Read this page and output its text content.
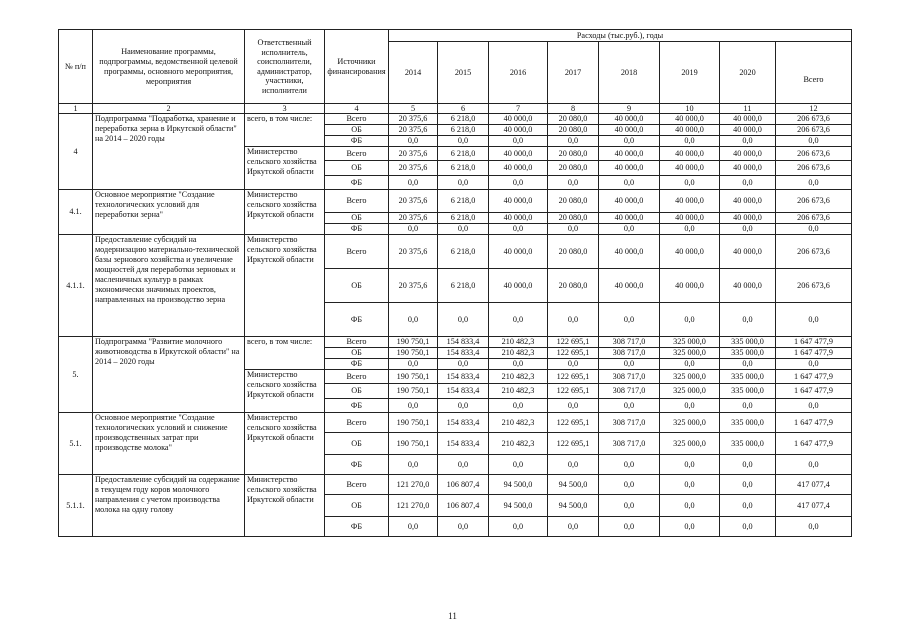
№ п/п	Наименование программы, подпрограммы, ведомственной целевой программы, основного мероприятия, мероприятия	Ответственный исполнитель, соисполнители, администратор, участники, исполнители	Источники финансирования	Расходы (тыс.руб.), годы							
				2014	2015	2016	2017	2018	2019	2020	Всего
1	2	3	4	5	6	7	8	9	10	11	12
4	Подпрограмма "Подработка, хранение и переработка зерна в Иркутской области" на 2014 – 2020 годы	всего, в том числе:	Всего	20 375,6	6 218,0	40 000,0	20 080,0	40 000,0	40 000,0	40 000,0	206 673,6
			ОБ	20 375,6	6 218,0	40 000,0	20 080,0	40 000,0	40 000,0	40 000,0	206 673,6
			ФБ	0,0	0,0	0,0	0,0	0,0	0,0	0,0	0,0
		Министерство сельского хозяйства Иркутской области	Всего	20 375,6	6 218,0	40 000,0	20 080,0	40 000,0	40 000,0	40 000,0	206 673,6
			ОБ	20 375,6	6 218,0	40 000,0	20 080,0	40 000,0	40 000,0	40 000,0	206 673,6
			ФБ	0,0	0,0	0,0	0,0	0,0	0,0	0,0	0,0
4.1.	Основное мероприятие "Создание технологических условий для переработки зерна"	Министерство сельского хозяйства Иркутской области	Всего	20 375,6	6 218,0	40 000,0	20 080,0	40 000,0	40 000,0	40 000,0	206 673,6
			ОБ	20 375,6	6 218,0	40 000,0	20 080,0	40 000,0	40 000,0	40 000,0	206 673,6
			ФБ	0,0	0,0	0,0	0,0	0,0	0,0	0,0	0,0
4.1.1.	Предоставление субсидий на модернизацию материально-технической базы зернового хозяйства и увеличение мощностей для переработки зерновых и масленичных культур в рамках экономически значимых проектов, направленных на производство зерна	Министерство сельского хозяйства Иркутской области	Всего	20 375,6	6 218,0	40 000,0	20 080,0	40 000,0	40 000,0	40 000,0	206 673,6
			ОБ	20 375,6	6 218,0	40 000,0	20 080,0	40 000,0	40 000,0	40 000,0	206 673,6
			ФБ	0,0	0,0	0,0	0,0	0,0	0,0	0,0	0,0
5.	Подпрограмма "Развитие молочного животноводства в Иркутской области" на 2014 – 2020 годы	всего, в том числе:	Всего	190 750,1	154 833,4	210 482,3	122 695,1	308 717,0	325 000,0	335 000,0	1 647 477,9
			ОБ	190 750,1	154 833,4	210 482,3	122 695,1	308 717,0	325 000,0	335 000,0	1 647 477,9
			ФБ	0,0	0,0	0,0	0,0	0,0	0,0	0,0	0,0
		Министерство сельского хозяйства Иркутской области	Всего	190 750,1	154 833,4	210 482,3	122 695,1	308 717,0	325 000,0	335 000,0	1 647 477,9
			ОБ	190 750,1	154 833,4	210 482,3	122 695,1	308 717,0	325 000,0	335 000,0	1 647 477,9
			ФБ	0,0	0,0	0,0	0,0	0,0	0,0	0,0	0,0
5.1.	Основное мероприятие "Создание технологических условий и снижение производственных затрат при производстве молока"	Министерство сельского хозяйства Иркутской области	Всего	190 750,1	154 833,4	210 482,3	122 695,1	308 717,0	325 000,0	335 000,0	1 647 477,9
			ОБ	190 750,1	154 833,4	210 482,3	122 695,1	308 717,0	325 000,0	335 000,0	1 647 477,9
			ФБ	0,0	0,0	0,0	0,0	0,0	0,0	0,0	0,0
5.1.1.	Предоставление субсидий на содержание в текущем году коров молочного направления с учетом производства молока на одну голову	Министерство сельского хозяйства Иркутской области	Всего	121 270,0	106 807,4	94 500,0	94 500,0	0,0	0,0	0,0	417 077,4
			ОБ	121 270,0	106 807,4	94 500,0	94 500,0	0,0	0,0	0,0	417 077,4
			ФБ	0,0	0,0	0,0	0,0	0,0	0,0	0,0	0,0
11
